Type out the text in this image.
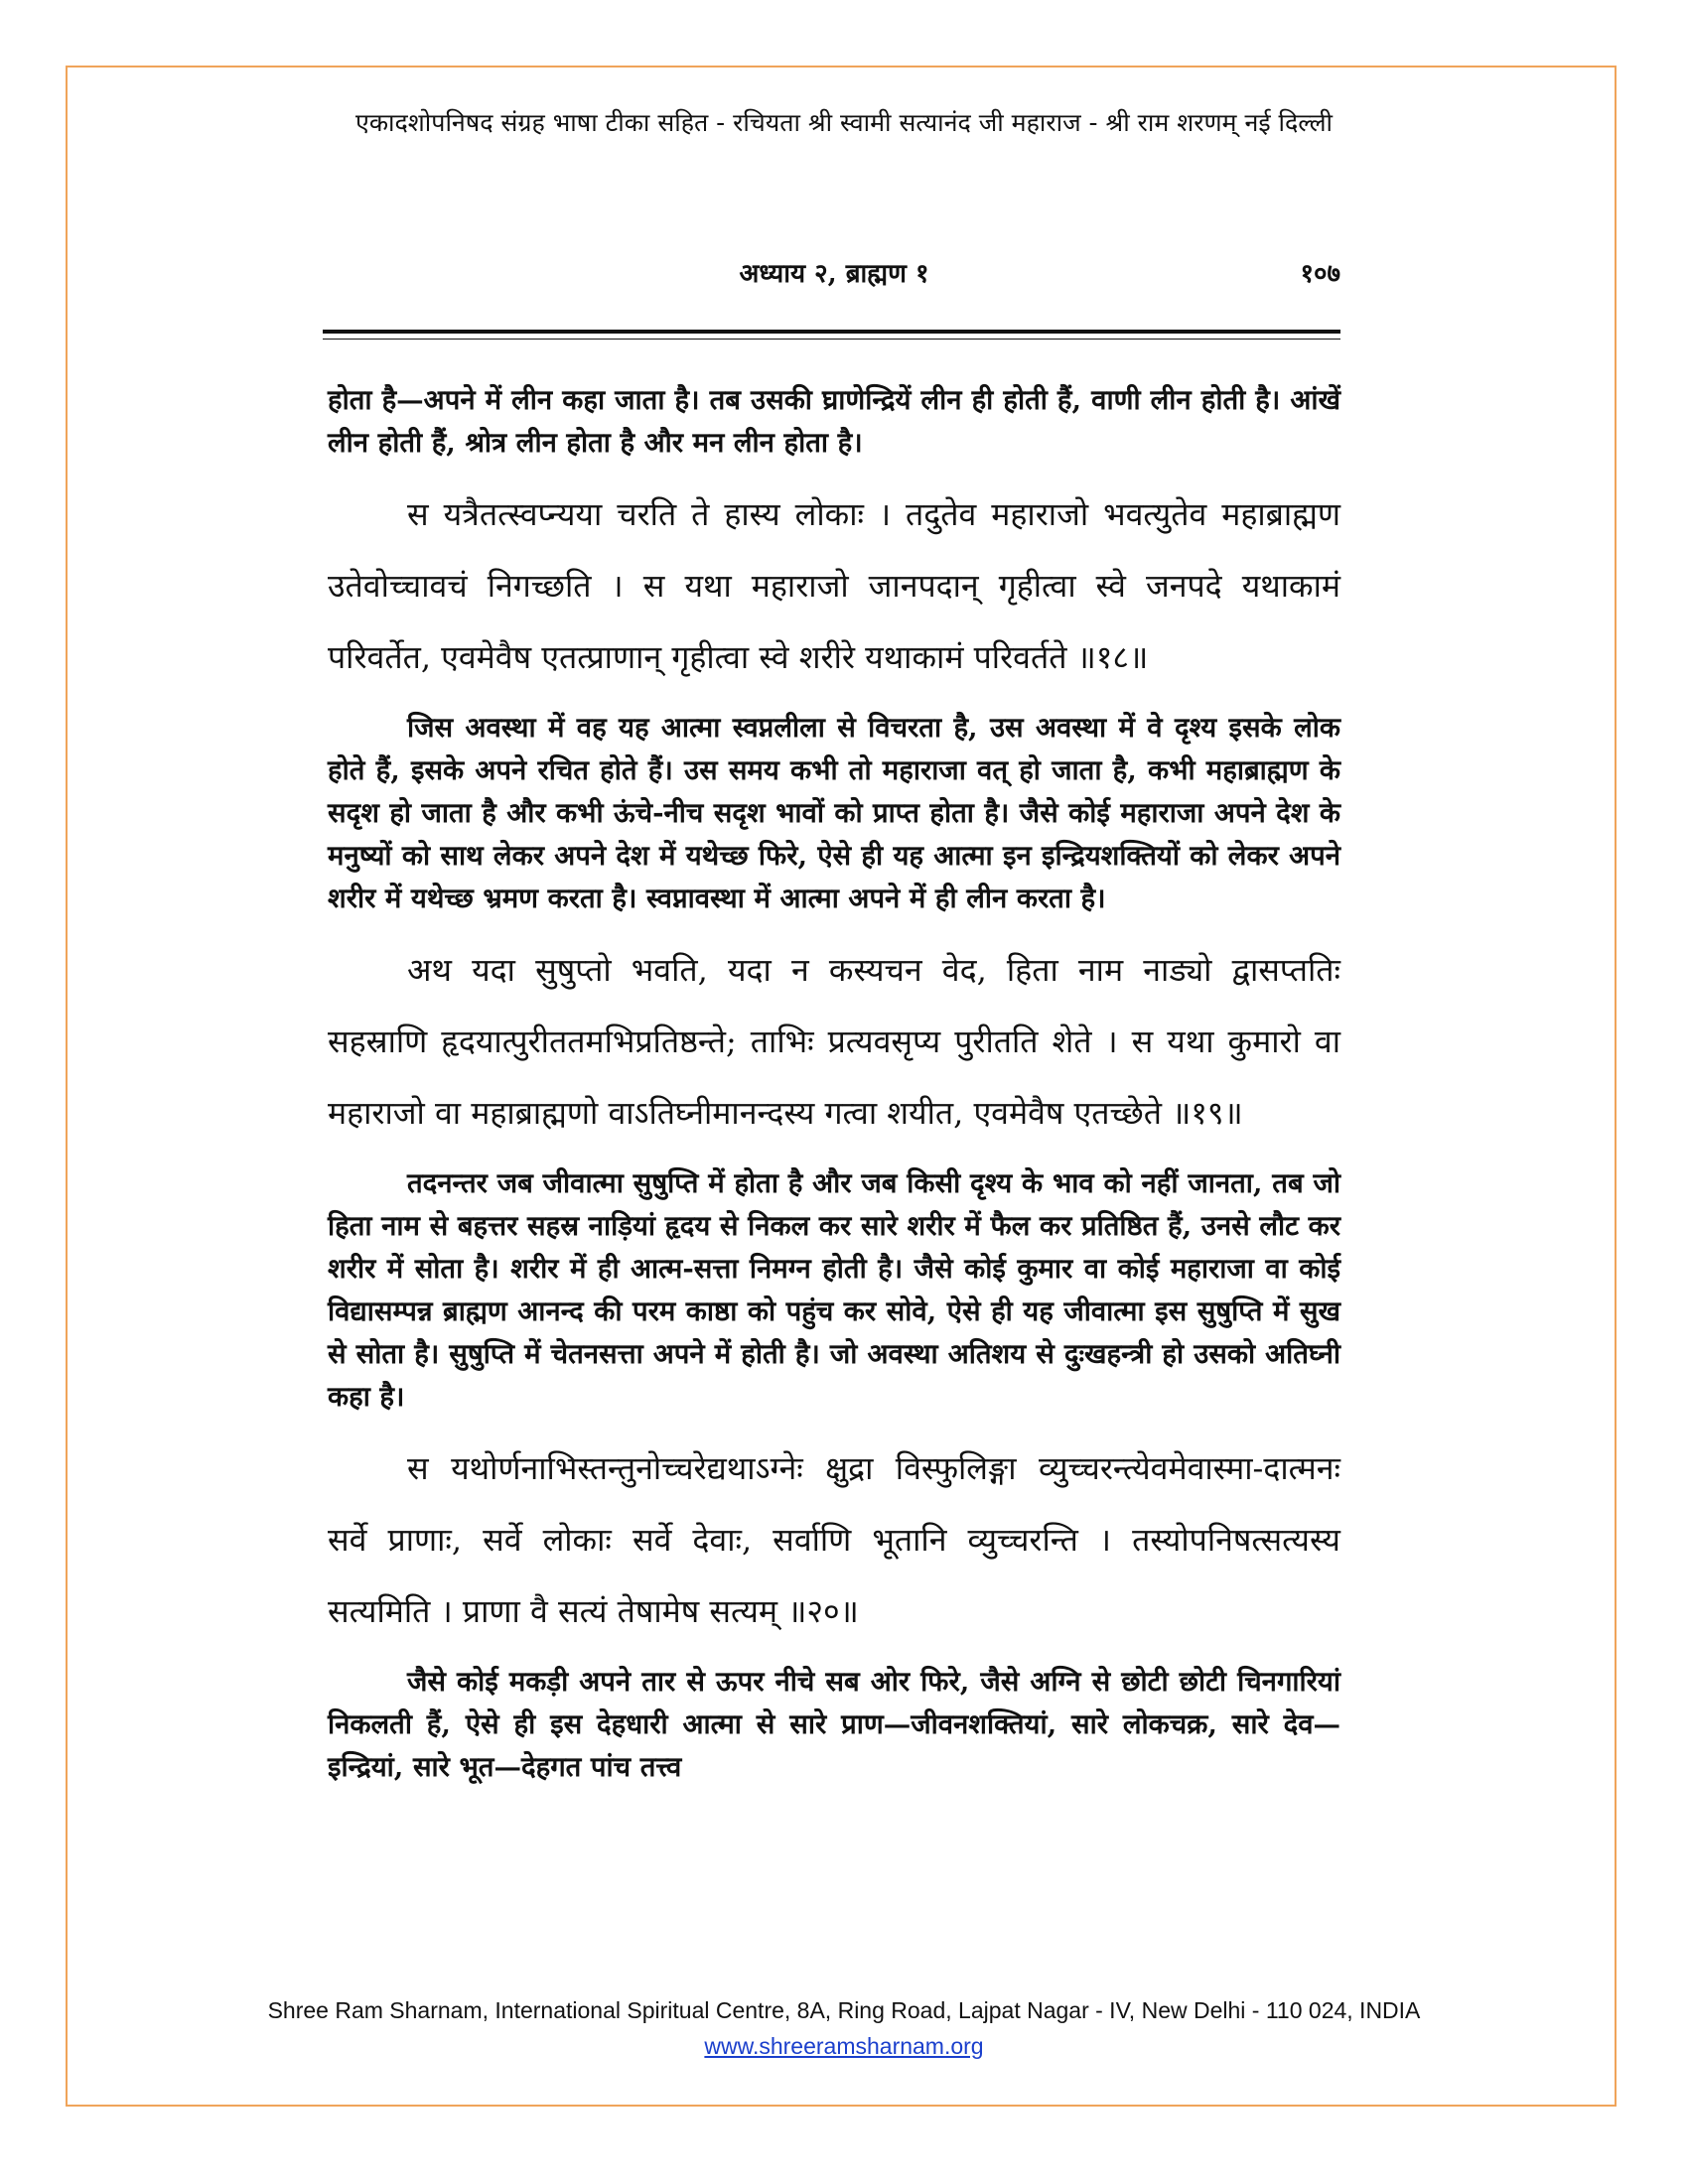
एकादशोपनिषद संग्रह भाषा टीका सहित - रचियता श्री स्वामी सत्यानंद जी महाराज - श्री राम शरणम् नई दिल्ली
अध्याय २, ब्राह्मण १	१०७

होता है—अपने में लीन कहा जाता है। तब उसकी घ्राणेन्द्रियें लीन ही होती हैं, वाणी लीन होती है। आंखें लीन होती हैं, श्रोत्र लीन होता है और मन लीन होता है।

स यत्रैतत्स्वप्न्यया चरति ते हास्य लोकाः । तदुतेव महाराजो भवत्युतेव महाब्राह्मण उतेवोच्चावचं निगच्छति । स यथा महाराजो जानपदान् गृहीत्वा स्वे जनपदे यथाकामं परिवर्तेत, एवमेवैष एतत्प्राणान् गृहीत्वा स्वे शरीरे यथाकामं परिवर्तते ॥१८॥

जिस अवस्था में वह यह आत्मा स्वप्नलीला से विचरता है, उस अवस्था में वे दृश्य इसके लोक होते हैं, इसके अपने रचित होते हैं। उस समय कभी तो महाराजा वत् हो जाता है, कभी महाब्राह्मण के सदृश हो जाता है और कभी ऊंचे-नीच सदृश भावों को प्राप्त होता है। जैसे कोई महाराजा अपने देश के मनुष्यों को साथ लेकर अपने देश में यथेच्छ फिरे, ऐसे ही यह आत्मा इन इन्द्रियशक्तियों को लेकर अपने शरीर में यथेच्छ भ्रमण करता है। स्वप्नावस्था में आत्मा अपने में ही लीन करता है।

अथ यदा सुषुप्तो भवति, यदा न कस्यचन वेद, हिता नाम नाड्यो द्वासप्ततिः सहस्राणि हृदयात्पुरीततमभिप्रतिष्ठन्ते; ताभिः प्रत्यवसृप्य पुरीतति शेते । स यथा कुमारो वा महाराजो वा महाब्राह्मणो वाऽतिघ्नीमानन्दस्य गत्वा शयीत, एवमेवैष एतच्छेते ॥१९॥

तदनन्तर जब जीवात्मा सुषुप्ति में होता है और जब किसी दृश्य के भाव को नहीं जानता, तब जो हिता नाम से बहत्तर सहस्र नाड़ियां हृदय से निकल कर सारे शरीर में फैल कर प्रतिष्ठित हैं, उनसे लौट कर शरीर में सोता है। शरीर में ही आत्म-सत्ता निमग्न होती है। जैसे कोई कुमार वा कोई महाराजा वा कोई विद्यासम्पन्न ब्राह्मण आनन्द की परम काष्ठा को पहुंच कर सोवे, ऐसे ही यह जीवात्मा इस सुषुप्ति में सुख से सोता है। सुषुप्ति में चेतनसत्ता अपने में होती है। जो अवस्था अतिशय से दुःखहन्त्री हो उसको अतिघ्नी कहा है।

स यथोर्णनाभिस्तन्तुनोच्चरेद्यथाऽग्नेः क्षुद्रा विस्फुलिङ्गा व्युच्चरन्त्येवमेवास्मा-दात्मनः सर्वे प्राणाः, सर्वे लोकाः सर्वे देवाः, सर्वाणि भूतानि व्युच्चरन्ति । तस्योपनिषत्सत्यस्य सत्यमिति । प्राणा वै सत्यं तेषामेष सत्यम् ॥२०॥

जैसे कोई मकड़ी अपने तार से ऊपर नीचे सब ओर फिरे, जैसे अग्नि से छोटी छोटी चिनगारियां निकलती हैं, ऐसे ही इस देहधारी आत्मा से सारे प्राण—जीवनशक्तियां, सारे लोकचक्र, सारे देव—इन्द्रियां, सारे भूत—देहगत पांच तत्त्व

Shree Ram Sharnam, International Spiritual Centre, 8A, Ring Road, Lajpat Nagar - IV, New Delhi - 110 024, INDIA
www.shreeramsharnam.org
